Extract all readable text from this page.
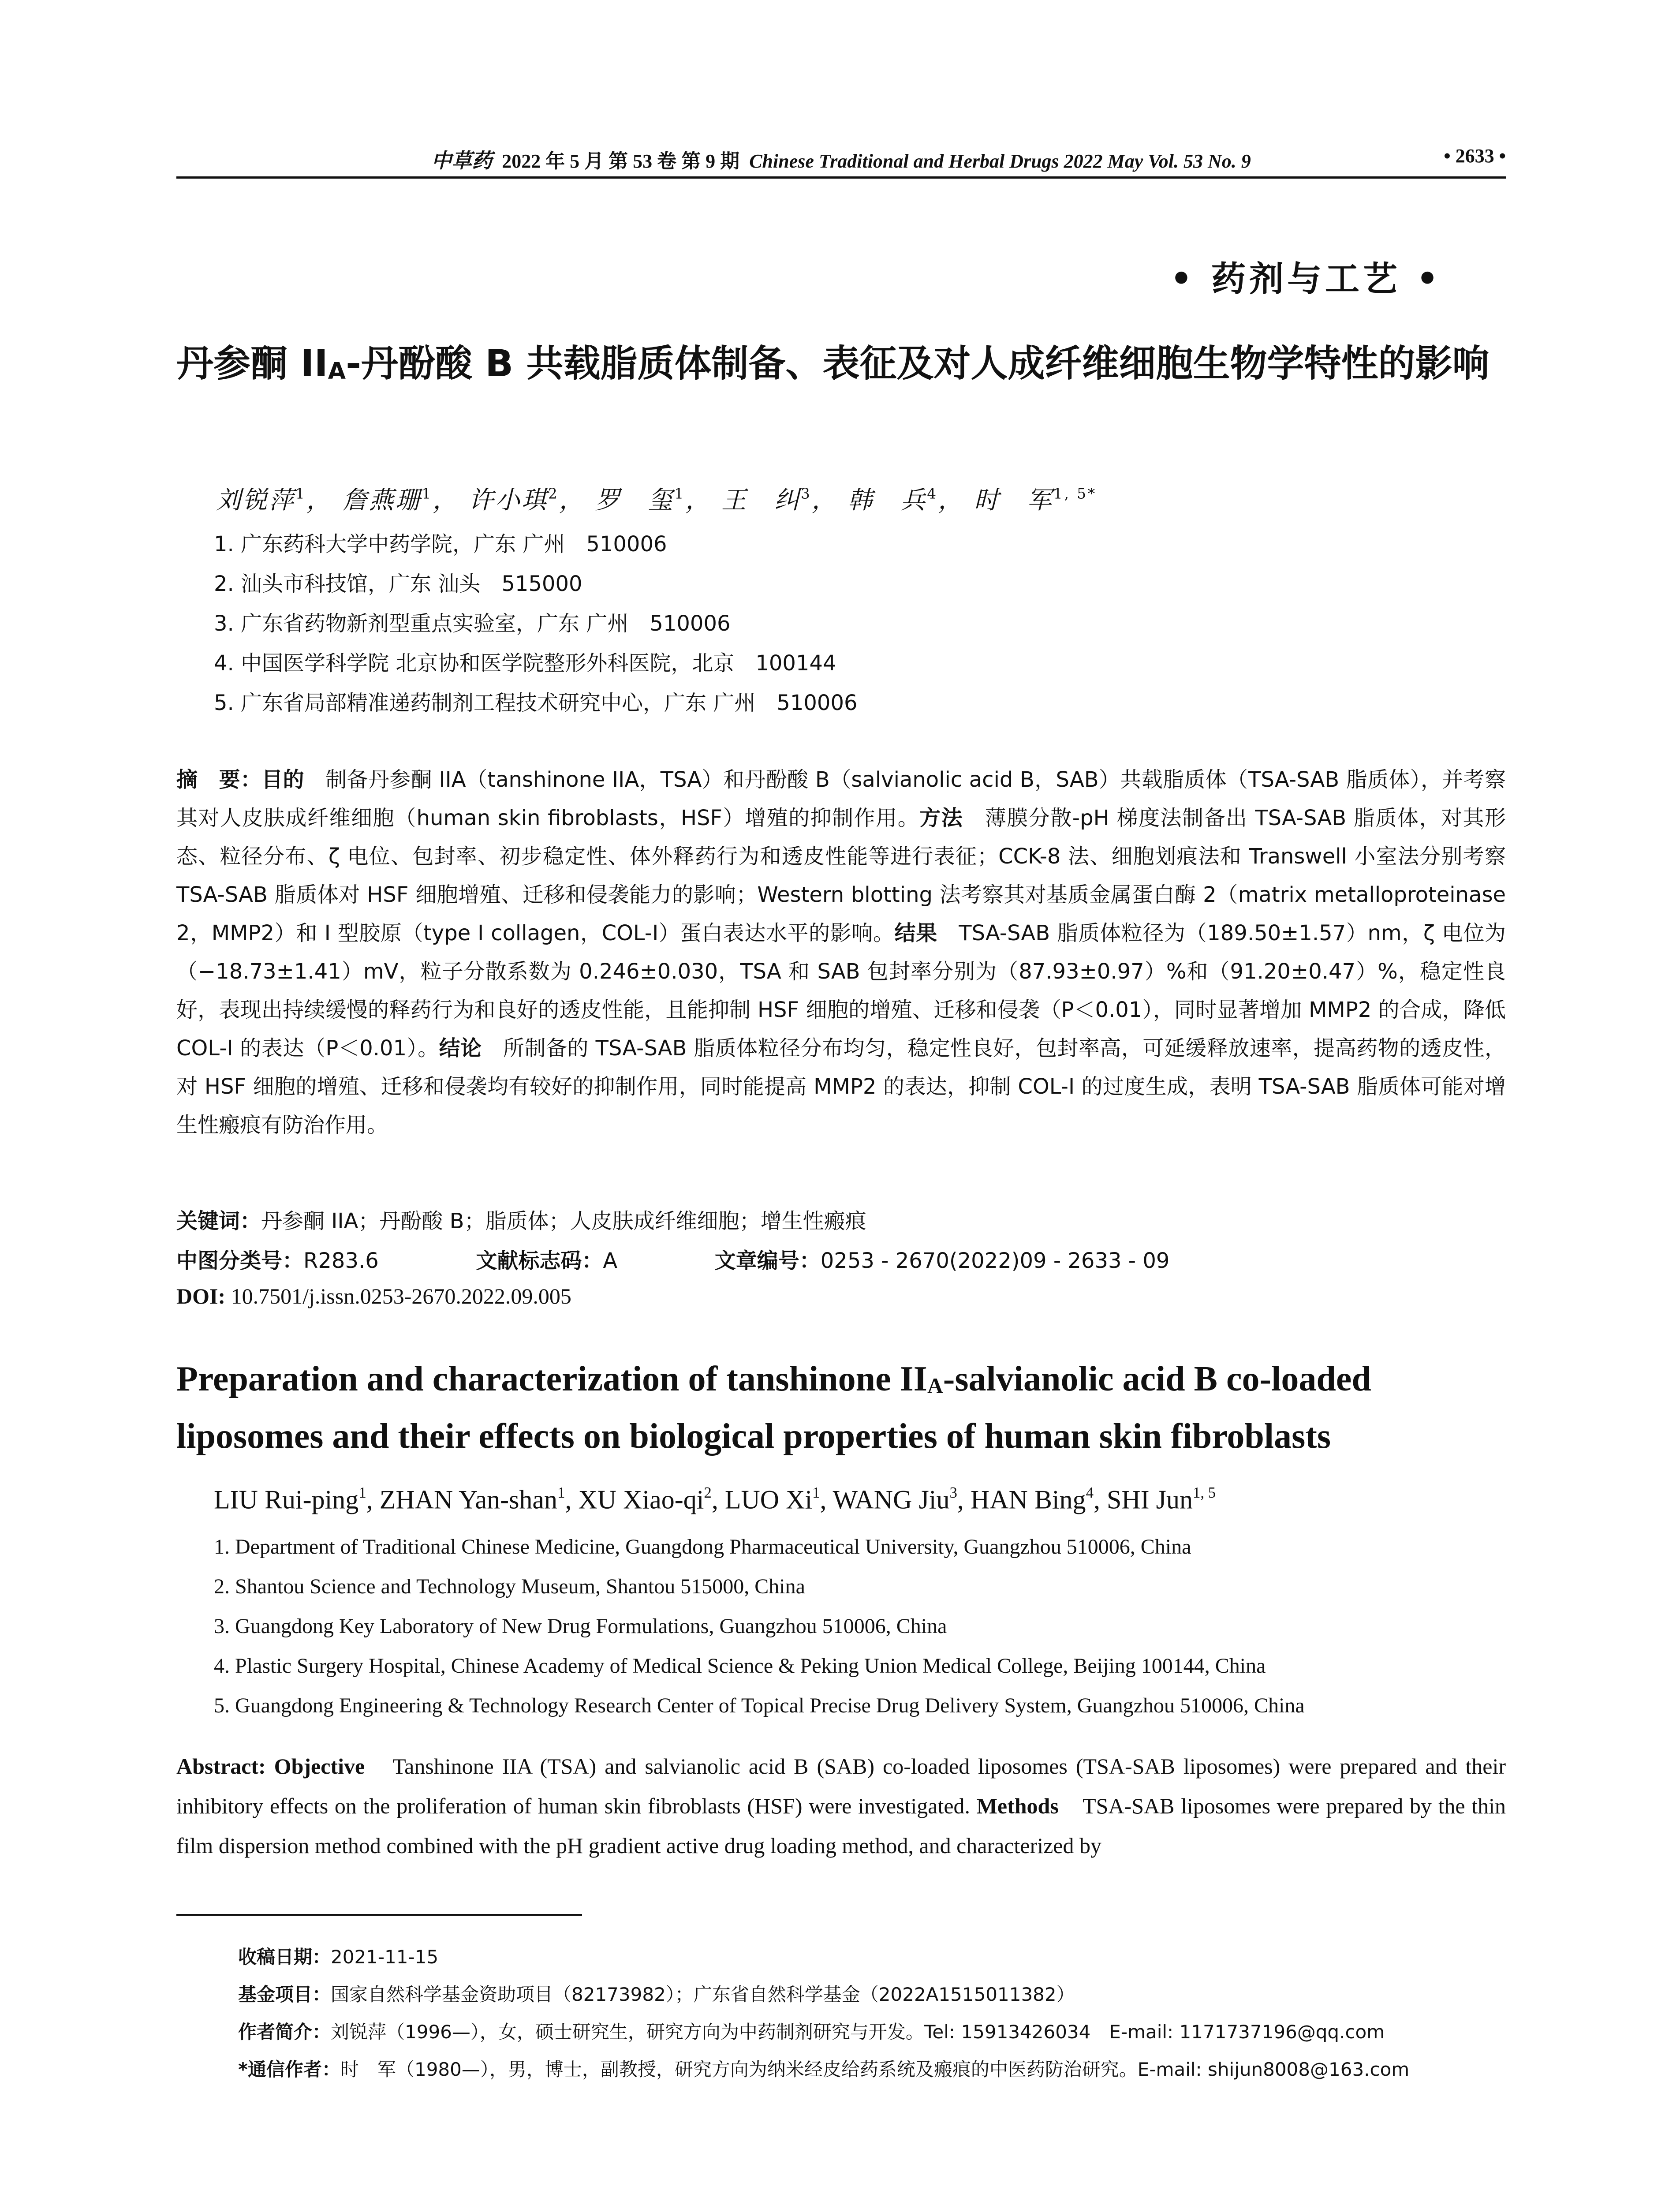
中草药 2022 年 5 月 第 53 卷 第 9 期 Chinese Traditional and Herbal Drugs 2022 May Vol. 53 No. 9	• 2633 •
• 药剂与工艺 •
丹参酮 $II_A-$丹酚酸 B 共载脂质体制备、表征及对人成纤维细胞生物学特性的影响
刘锐萍$^1$， 詹燕珊$^1$， 许小琪$^2$， 罗　玺$^1$， 王　纠$^3$， 韩　兵$^4$， 时　军$^{1, 5*}$
1. 广东药科大学中药学院，广东 广州　510006
2. 汕头市科技馆，广东 汕头　515000
3. 广东省药物新剂型重点实验室，广东 广州　510006
4. 中国医学科学院 北京协和医学院整形外科医院，北京　100144
5. 广东省局部精准递药制剂工程技术研究中心，广东 广州　510006
摘　要：目的　制备丹参酮 IIA（tanshinone IIA，TSA）和丹酚酸 B（salvianolic acid B，SAB）共载脂质体（TSA-SAB 脂质体），并考察其对人皮肤成纤维细胞（human skin fibroblasts，HSF）增殖的抑制作用。方法　薄膜分散-pH 梯度法制备出 TSA-SAB 脂质体，对其形态、粒径分布、ζ 电位、包封率、初步稳定性、体外释药行为和透皮性能等进行表征；CCK-8 法、细胞划痕法和 Transwell 小室法分别考察 TSA-SAB 脂质体对 HSF 细胞增殖、迁移和侵袭能力的影响；Western blotting 法考察其对基质金属蛋白酶 2（matrix metalloproteinase 2，MMP2）和 I 型胶原（type I collagen，COL-I）蛋白表达水平的影响。结果　TSA-SAB 脂质体粒径为（189.50±1.57）nm，ζ 电位为（−18.73±1.41）mV，粒子分散系数为 0.246±0.030，TSA 和 SAB 包封率分别为（87.93±0.97）%和（91.20±0.47）%，稳定性良好，表现出持续缓慢的释药行为和良好的透皮性能，且能抑制 HSF 细胞的增殖、迁移和侵袭（P＜0.01），同时显著增加 MMP2 的合成，降低 COL-I 的表达（P＜0.01）。结论　所制备的 TSA-SAB 脂质体粒径分布均匀，稳定性良好，包封率高，可延缓释放速率，提高药物的透皮性，对 HSF 细胞的增殖、迁移和侵袭均有较好的抑制作用，同时能提高 MMP2 的表达，抑制 COL-I 的过度生成，表明 TSA-SAB 脂质体可能对增生性瘢痕有防治作用。
关键词：丹参酮 IIA；丹酚酸 B；脂质体；人皮肤成纤维细胞；增生性瘢痕
中图分类号：R283.6	文献标志码：A	文章编号：0253 - 2670(2022)09 - 2633 - 09
DOI: 10.7501/j.issn.0253-2670.2022.09.005
Preparation and characterization of tanshinone $II_A$-salvianolic acid B co-loaded liposomes and their effects on biological properties of human skin fibroblasts
LIU Rui-ping$^1$, ZHAN Yan-shan$^1$, XU Xiao-$qi^2$, LUO Xi$^1$, WANG Jiu$^3$, HAN Bing$^4$, SHI Jun$^{1, 5}$
1. Department of Traditional Chinese Medicine, Guangdong Pharmaceutical University, Guangzhou 510006, China
2. Shantou Science and Technology Museum, Shantou 515000, China
3. Guangdong Key Laboratory of New Drug Formulations, Guangzhou 510006, China
4. Plastic Surgery Hospital, Chinese Academy of Medical Science & Peking Union Medical College, Beijing 100144, China
5. Guangdong Engineering & Technology Research Center of Topical Precise Drug Delivery System, Guangzhou 510006, China
Abstract: Objective　Tanshinone IIA (TSA) and salvianolic acid B (SAB) co-loaded liposomes (TSA-SAB liposomes) were prepared and their inhibitory effects on the proliferation of human skin fibroblasts (HSF) were investigated. Methods　TSA-SAB liposomes were prepared by the thin film dispersion method combined with the pH gradient active drug loading method, and characterized by
收稿日期：2021-11-15
基金项目：国家自然科学基金资助项目（82173982）；广东省自然科学基金（2022A1515011382）
作者简介：刘锐萍（1996—），女，硕士研究生，研究方向为中药制剂研究与开发。Tel: 15913426034　E-mail: 1171737196@qq.com
*通信作者：时　军（1980—），男，博士，副教授，研究方向为纳米经皮给药系统及瘢痕的中医药防治研究。E-mail: shijun8008@163.com
